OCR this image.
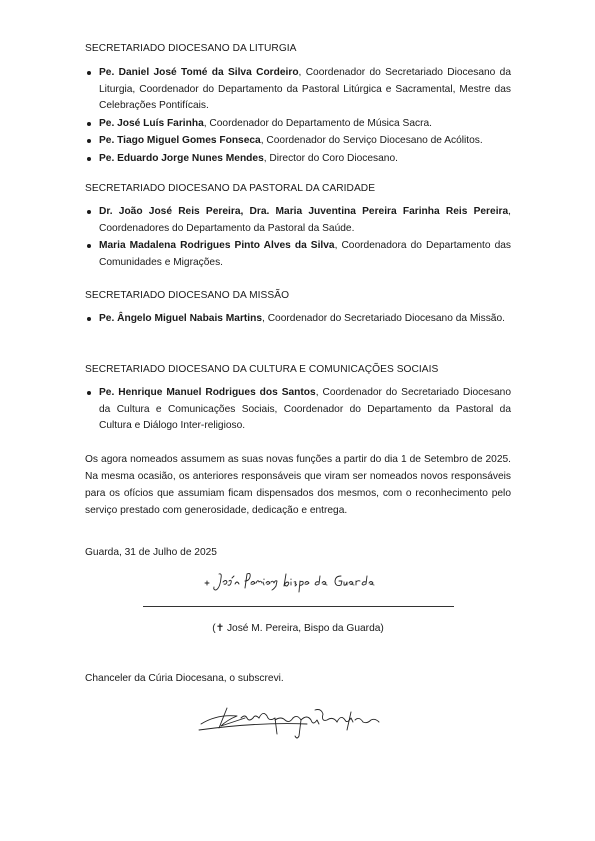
SECRETARIADO DIOCESANO DA LITURGIA
Pe. Daniel José Tomé da Silva Cordeiro, Coordenador do Secretariado Diocesano da Liturgia, Coordenador do Departamento da Pastoral Litúrgica e Sacramental, Mestre das Celebrações Pontifícais.
Pe. José Luís Farinha, Coordenador do Departamento de Música Sacra.
Pe. Tiago Miguel Gomes Fonseca, Coordenador do Serviço Diocesano de Acólitos.
Pe. Eduardo Jorge Nunes Mendes, Director do Coro Diocesano.
SECRETARIADO DIOCESANO DA PASTORAL DA CARIDADE
Dr. João José Reis Pereira, Dra. Maria Juventina Pereira Farinha Reis Pereira, Coordenadores do Departamento da Pastoral da Saúde.
Maria Madalena Rodrigues Pinto Alves da Silva, Coordenadora do Departamento das Comunidades e Migrações.
SECRETARIADO DIOCESANO DA MISSÃO
Pe. Ângelo Miguel Nabais Martins, Coordenador do Secretariado Diocesano da Missão.
SECRETARIADO DIOCESANO DA CULTURA E COMUNICAÇÕES SOCIAIS
Pe. Henrique Manuel Rodrigues dos Santos, Coordenador do Secretariado Diocesano da Cultura e Comunicações Sociais, Coordenador do Departamento da Pastoral da Cultura e Diálogo Inter-religioso.

Os agora nomeados assumem as suas novas funções a partir do dia 1 de Setembro de 2025. Na mesma ocasião, os anteriores responsáveis que viram ser nomeados novos responsáveis para os ofícios que assumiam ficam dispensados dos mesmos, com o reconhecimento pelo serviço prestado com generosidade, dedicação e entrega.

Guarda, 31 de Julho de 2025
(✝ José M. Pereira, Bispo da Guarda)
Chanceler da Cúria Diocesana, o subscrevi.
